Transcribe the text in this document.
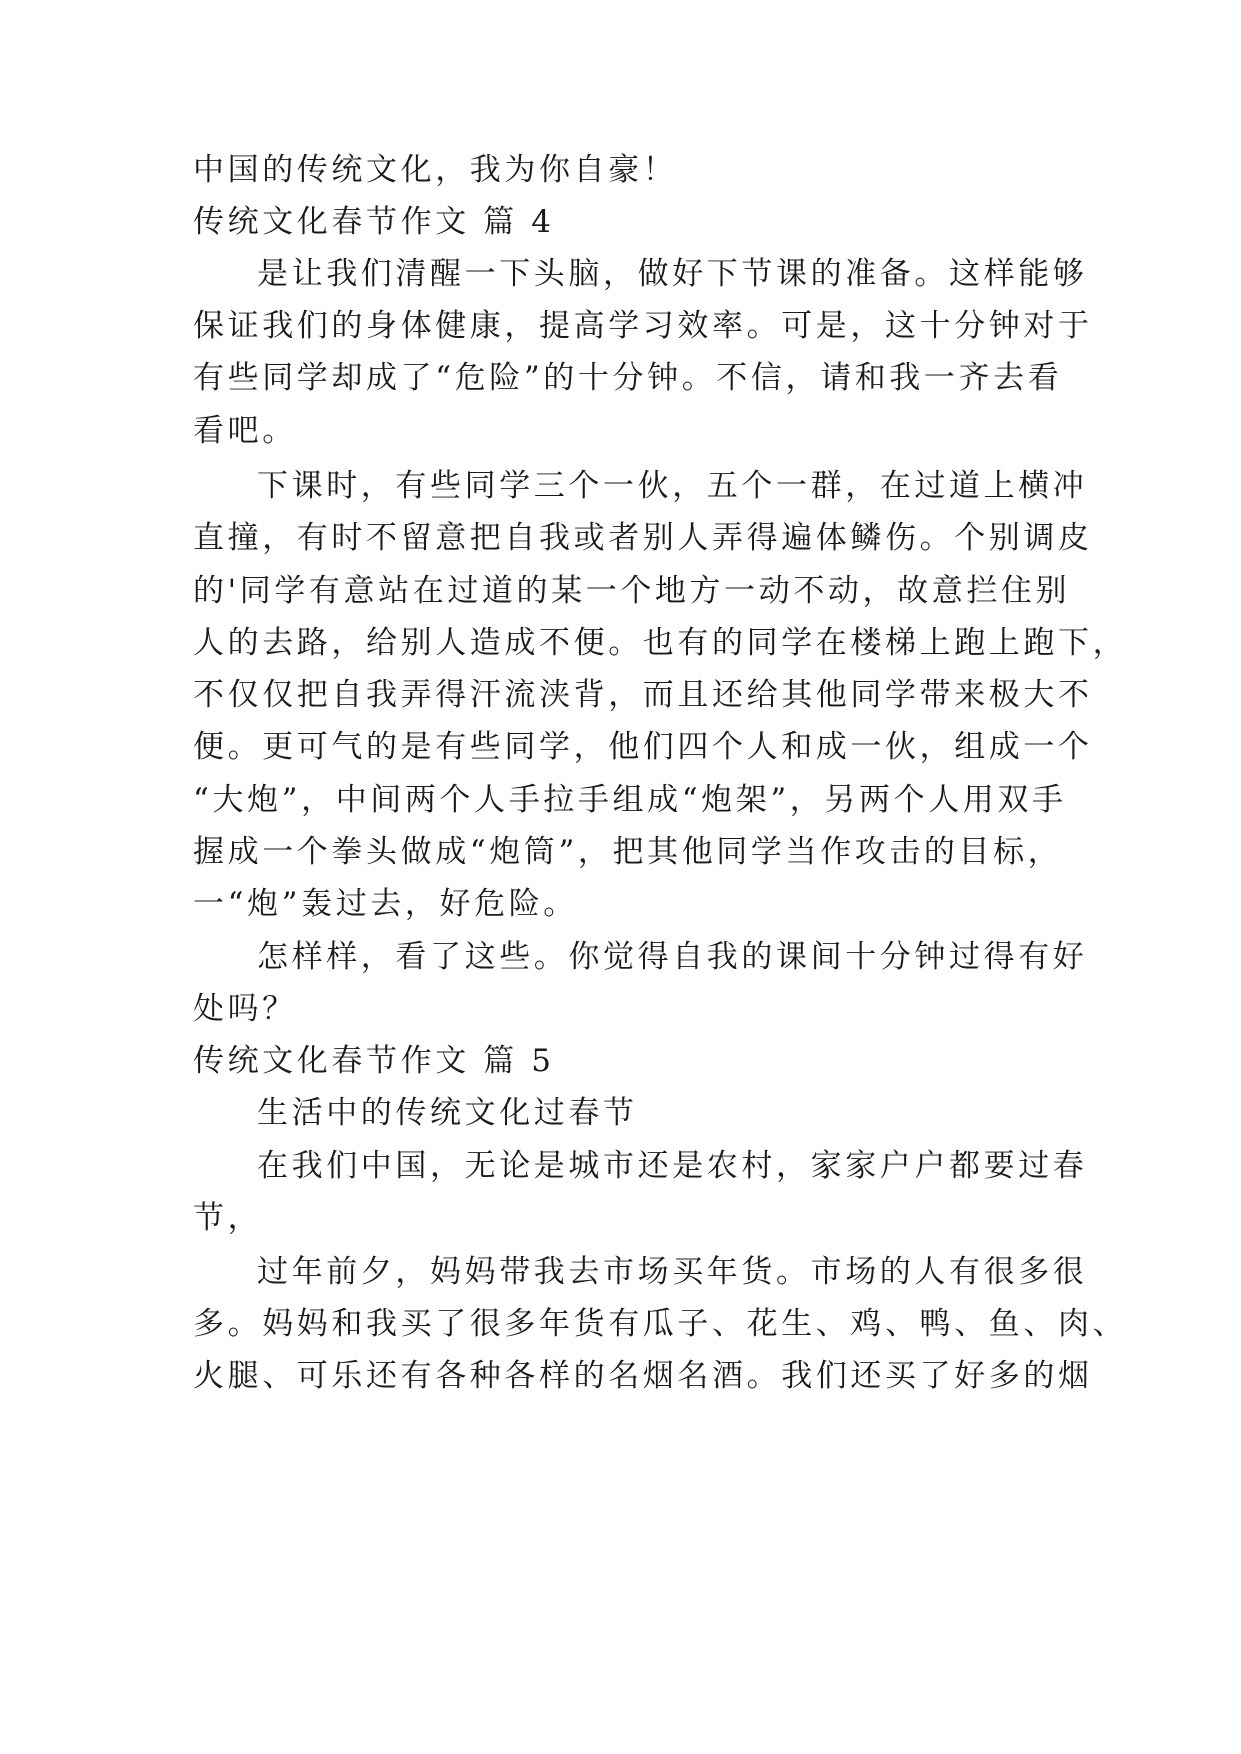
中国的传统文化，我为你自豪！
传统文化春节作文 篇 4
是让我们清醒一下头脑，做好下节课的准备。这样能够
保证我们的身体健康，提高学习效率。可是，这十分钟对于
有些同学却成了“危险”的十分钟。不信，请和我一齐去看
看吧。
下课时，有些同学三个一伙，五个一群，在过道上横冲
直撞，有时不留意把自我或者别人弄得遍体鳞伤。个别调皮
的'同学有意站在过道的某一个地方一动不动，故意拦住别
人的去路，给别人造成不便。也有的同学在楼梯上跑上跑下，
不仅仅把自我弄得汗流浃背，而且还给其他同学带来极大不
便。更可气的是有些同学，他们四个人和成一伙，组成一个
“大炮”，中间两个人手拉手组成“炮架”，另两个人用双手
握成一个拳头做成“炮筒”，把其他同学当作攻击的目标，
一“炮”轰过去，好危险。
怎样样，看了这些。你觉得自我的课间十分钟过得有好
处吗？
传统文化春节作文 篇 5
生活中的传统文化过春节
在我们中国，无论是城市还是农村，家家户户都要过春
节，
过年前夕，妈妈带我去市场买年货。市场的人有很多很
多。妈妈和我买了很多年货有瓜子、花生、鸡、鸭、鱼、肉、
火腿、可乐还有各种各样的名烟名酒。我们还买了好多的烟
